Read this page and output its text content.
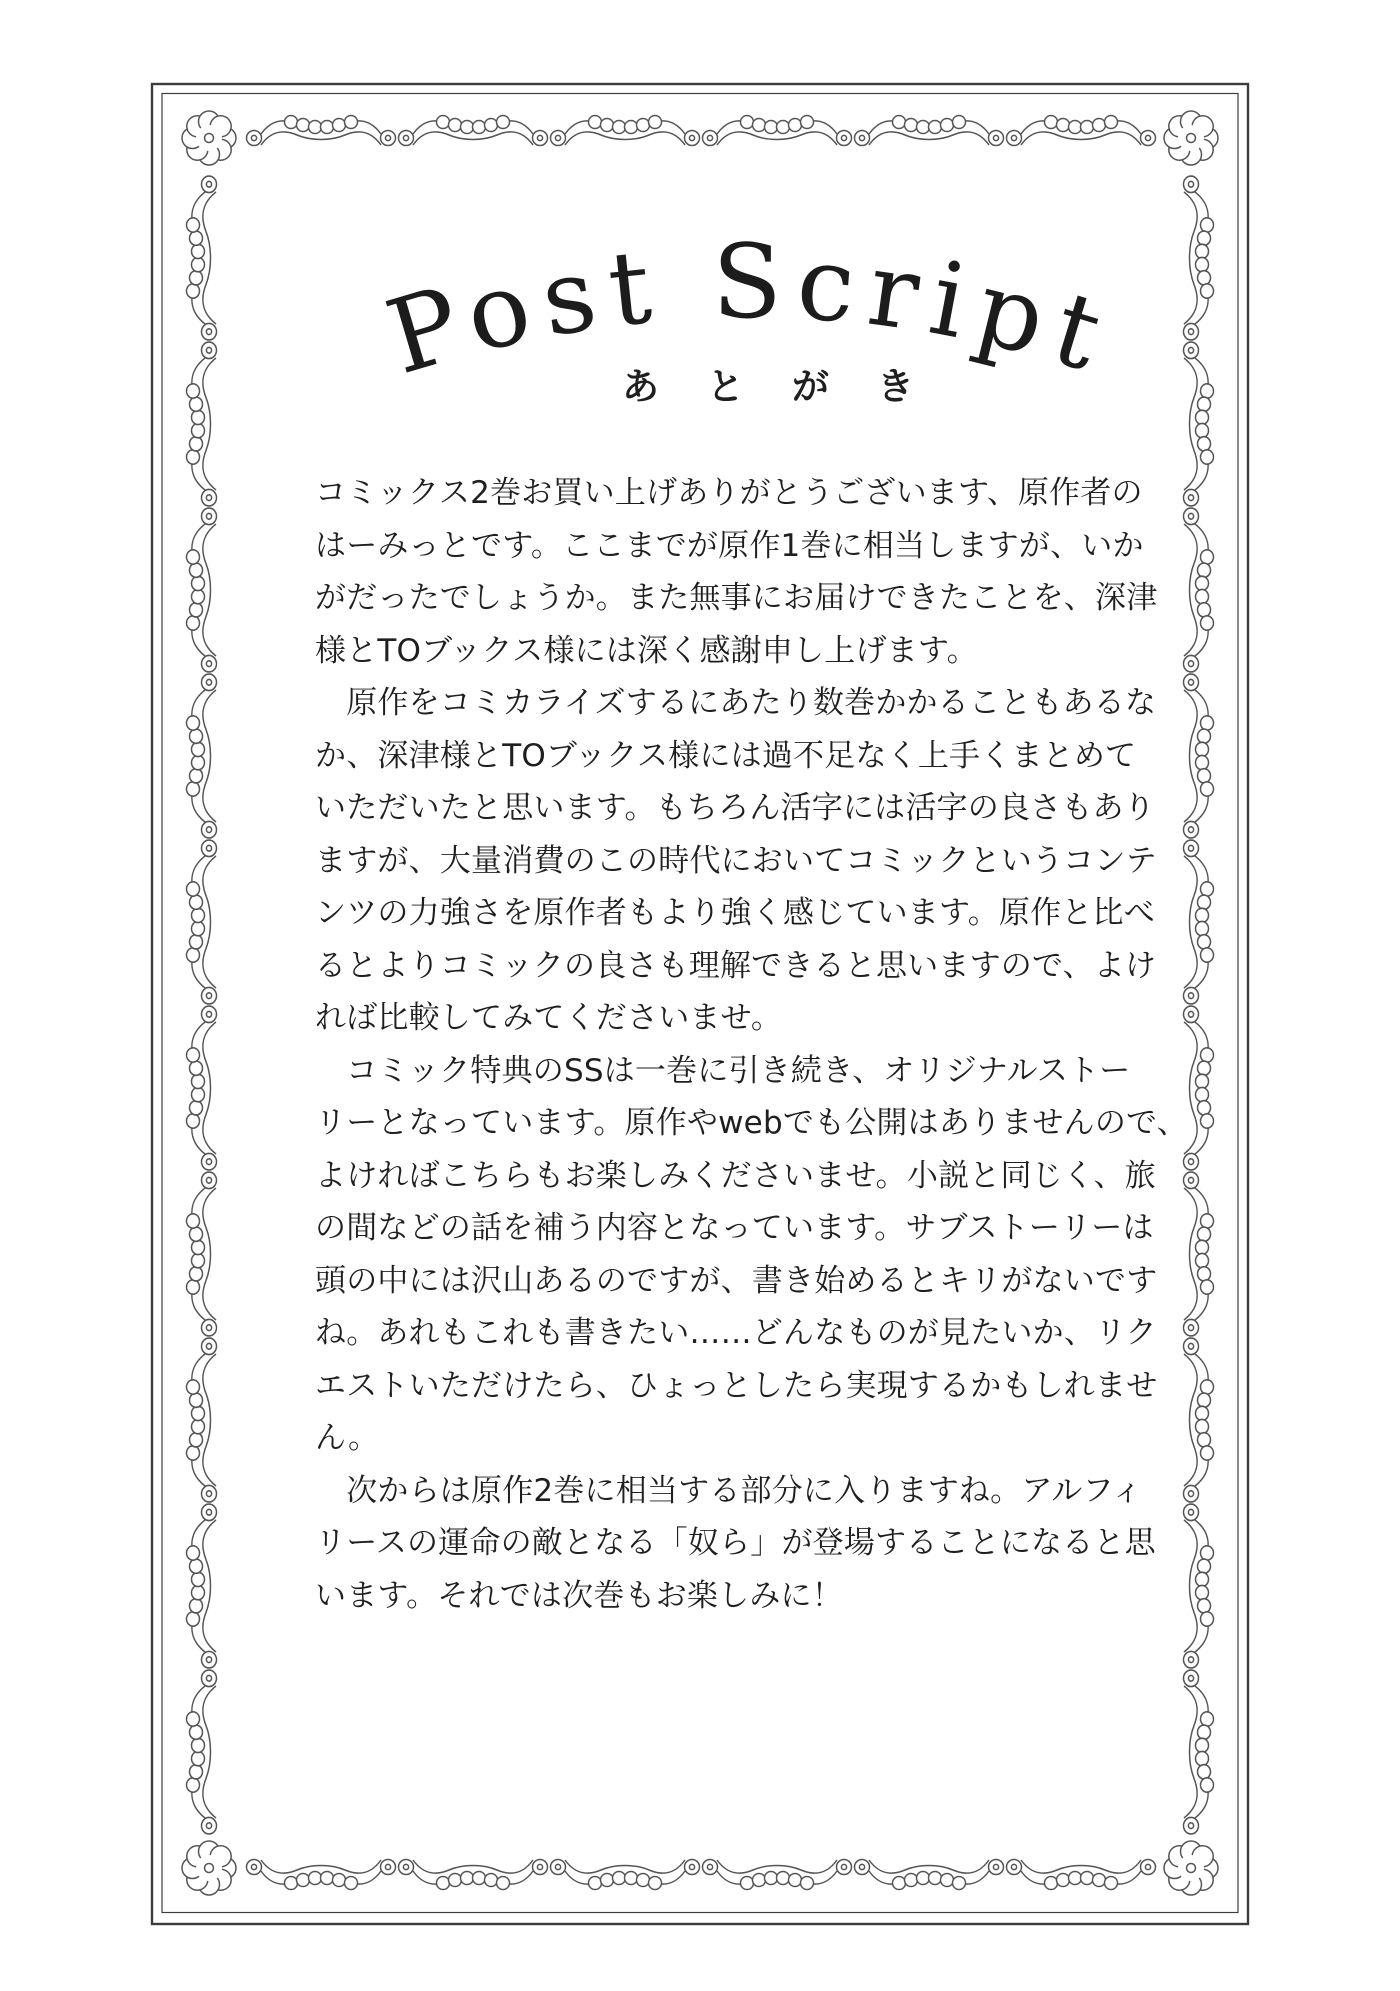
Post Script
あとがき
コミックス2巻お買い上げありがとうございます、原作者の
はーみっとです。ここまでが原作1巻に相当しますが、いか
がだったでしょうか。また無事にお届けできたことを、深津
様とTOブックス様には深く感謝申し上げます。
　原作をコミカライズするにあたり数巻かかることもあるな
か、深津様とTOブックス様には過不足なく上手くまとめて
いただいたと思います。もちろん活字には活字の良さもあり
ますが、大量消費のこの時代においてコミックというコンテ
ンツの力強さを原作者もより強く感じています。原作と比べ
るとよりコミックの良さも理解できると思いますので、よけ
れば比較してみてくださいませ。
　コミック特典のSSは一巻に引き続き、オリジナルストー
リーとなっています。原作やwebでも公開はありませんので、
よければこちらもお楽しみくださいませ。小説と同じく、旅
の間などの話を補う内容となっています。サブストーリーは
頭の中には沢山あるのですが、書き始めるとキリがないです
ね。あれもこれも書きたい……どんなものが見たいか、リク
エストいただけたら、ひょっとしたら実現するかもしれませ
ん。
　次からは原作2巻に相当する部分に入りますね。アルフィ
リースの運命の敵となる「奴ら」が登場することになると思
います。それでは次巻もお楽しみに！
